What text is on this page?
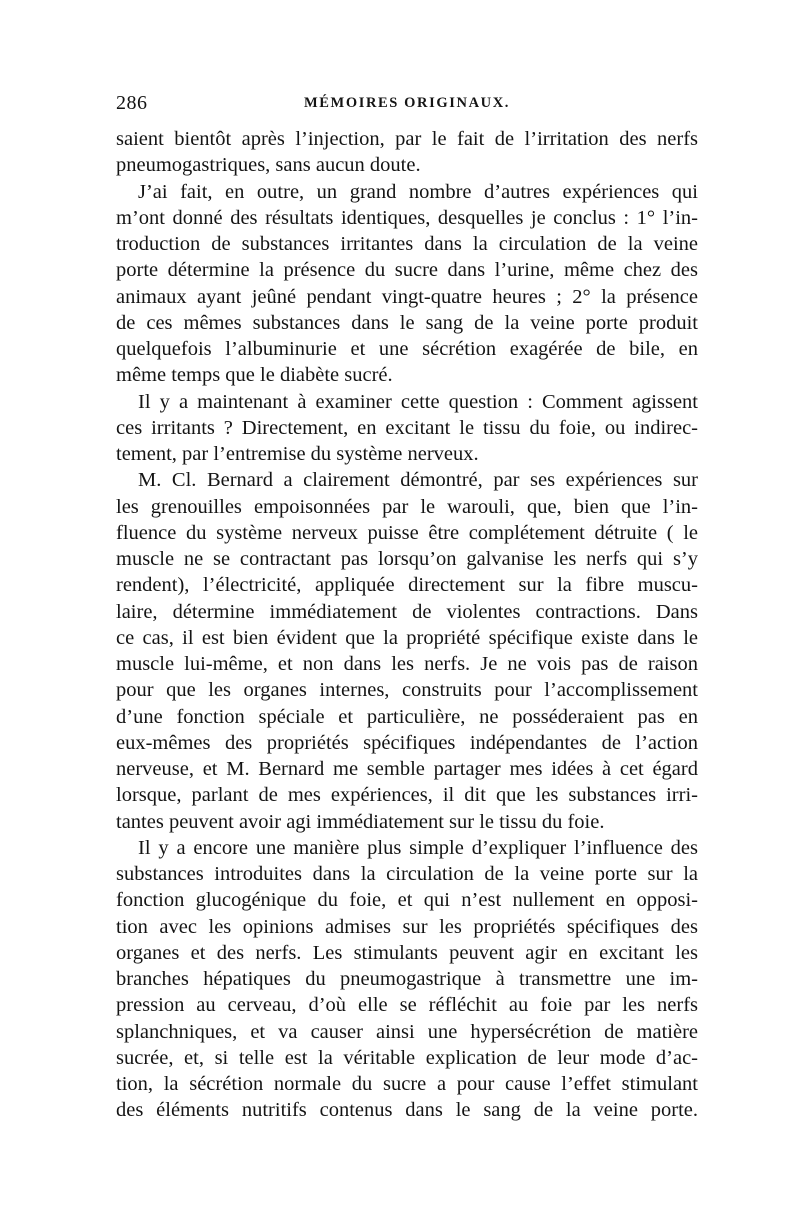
286	MÉMOIRES ORIGINAUX.
saient bientôt après l’injection, par le fait de l’irritation des nerfs
pneumogastriques, sans aucun doute.
J’ai fait, en outre, un grand nombre d’autres expériences qui
m’ont donné des résultats identiques, desquelles je conclus : 1° l’in-
troduction de substances irritantes dans la circulation de la veine
porte détermine la présence du sucre dans l’urine, même chez des
animaux ayant jeûné pendant vingt-quatre heures ; 2° la présence
de ces mêmes substances dans le sang de la veine porte produit
quelquefois l’albuminurie et une sécrétion exagérée de bile, en
même temps que le diabète sucré.
Il y a maintenant à examiner cette question : Comment agissent
ces irritants ? Directement, en excitant le tissu du foie, ou indirec-
tement, par l’entremise du système nerveux.
M. Cl. Bernard a clairement démontré, par ses expériences sur
les grenouilles empoisonnées par le warouli, que, bien que l’in-
fluence du système nerveux puisse être complétement détruite ( le
muscle ne se contractant pas lorsqu’on galvanise les nerfs qui s’y
rendent), l’électricité, appliquée directement sur la fibre muscu-
laire, détermine immédiatement de violentes contractions. Dans
ce cas, il est bien évident que la propriété spécifique existe dans le
muscle lui-même, et non dans les nerfs. Je ne vois pas de raison
pour que les organes internes, construits pour l’accomplissement
d’une fonction spéciale et particulière, ne posséderaient pas en
eux-mêmes des propriétés spécifiques indépendantes de l’action
nerveuse, et M. Bernard me semble partager mes idées à cet égard
lorsque, parlant de mes expériences, il dit que les substances irri-
tantes peuvent avoir agi immédiatement sur le tissu du foie.
Il y a encore une manière plus simple d’expliquer l’influence des
substances introduites dans la circulation de la veine porte sur la
fonction glucogénique du foie, et qui n’est nullement en opposi-
tion avec les opinions admises sur les propriétés spécifiques des
organes et des nerfs. Les stimulants peuvent agir en excitant les
branches hépatiques du pneumogastrique à transmettre une im-
pression au cerveau, d’où elle se réfléchit au foie par les nerfs
splanchniques, et va causer ainsi une hypersécrétion de matière
sucrée, et, si telle est la véritable explication de leur mode d’ac-
tion, la sécrétion normale du sucre a pour cause l’effet stimulant
des éléments nutritifs contenus dans le sang de la veine porte.
